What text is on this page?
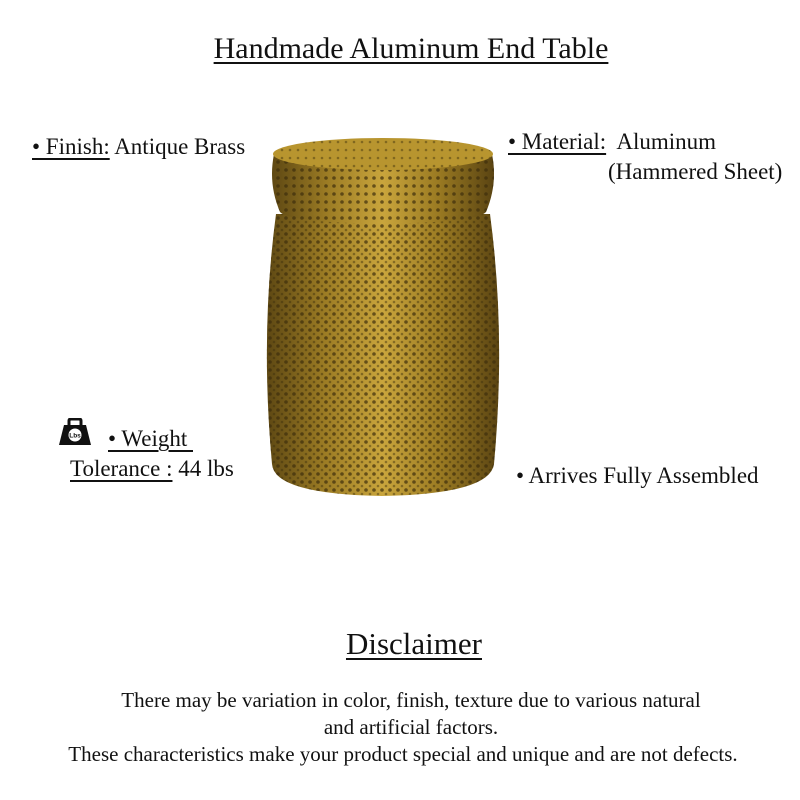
Handmade Aluminum End Table
• Finish: Antique Brass	• Material:  Aluminum
(Hammered Sheet)
Lbs • Weight
Tolerance : 44 lbs	• Arrives Fully Assembled
Disclaimer
There may be variation in color, finish, texture due to various natural
and artificial factors.
These characteristics make your product special and unique and are not defects.
